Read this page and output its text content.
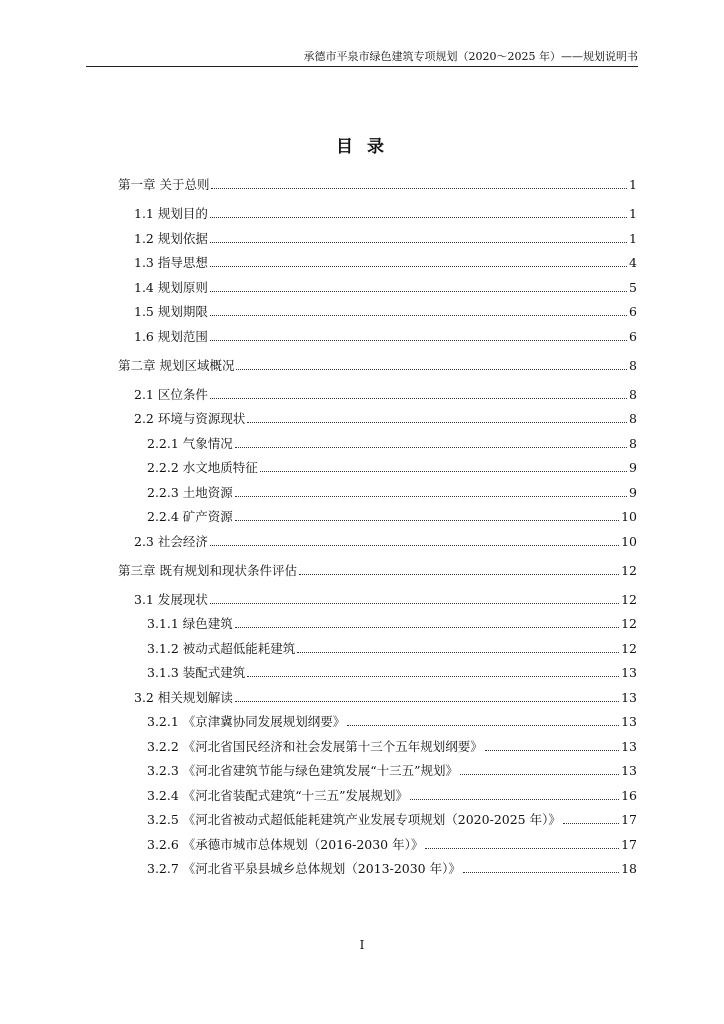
承德市平泉市绿色建筑专项规划（2020～2025 年）——规划说明书
目 录
第一章 关于总则	1
1.1 规划目的	1
1.2 规划依据	1
1.3 指导思想	4
1.4 规划原则	5
1.5 规划期限	6
1.6 规划范围	6
第二章 规划区域概况	8
2.1 区位条件	8
2.2 环境与资源现状	8
2.2.1 气象情况	8
2.2.2 水文地质特征	9
2.2.3 土地资源	9
2.2.4 矿产资源	10
2.3 社会经济	10
第三章 既有规划和现状条件评估	12
3.1 发展现状	12
3.1.1 绿色建筑	12
3.1.2 被动式超低能耗建筑	12
3.1.3 装配式建筑	13
3.2 相关规划解读	13
3.2.1 《京津冀协同发展规划纲要》	13
3.2.2 《河北省国民经济和社会发展第十三个五年规划纲要》	13
3.2.3 《河北省建筑节能与绿色建筑发展“十三五”规划》	13
3.2.4 《河北省装配式建筑“十三五”发展规划》	16
3.2.5 《河北省被动式超低能耗建筑产业发展专项规划（2020-2025 年）》	17
3.2.6 《承德市城市总体规划（2016-2030 年）》	17
3.2.7 《河北省平泉县城乡总体规划（2013-2030 年）》	18
I
